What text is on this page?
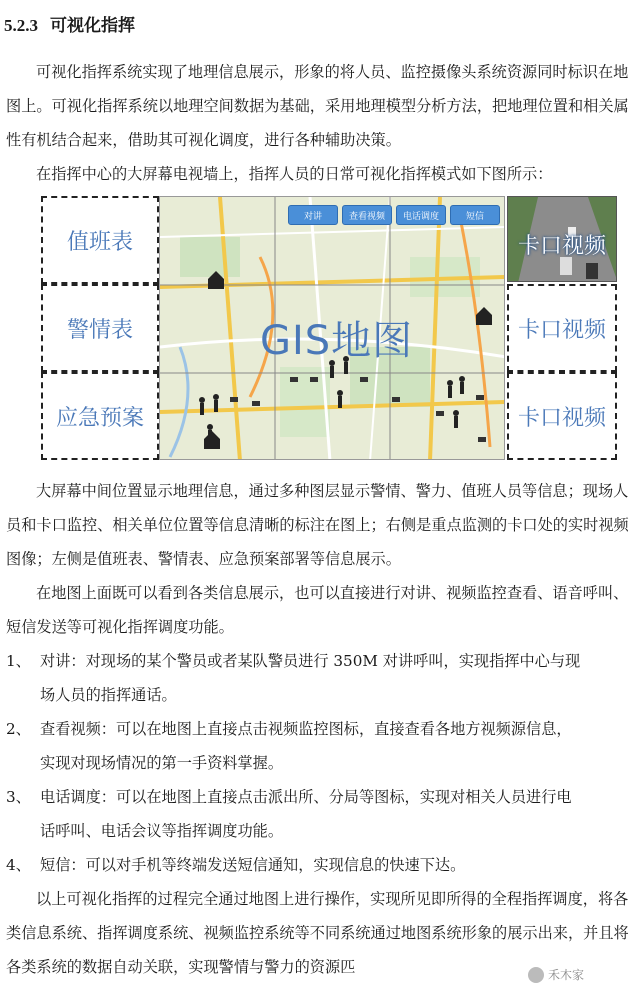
5.2.3 可视化指挥

可视化指挥系统实现了地理信息展示，形象的将人员、监控摄像头系统资源同时标识在地图上。可视化指挥系统以地理空间数据为基础，采用地理模型分析方法，把地理位置和相关属性有机结合起来，借助其可视化调度，进行各种辅助决策。

在指挥中心的大屏幕电视墙上，指挥人员的日常可视化指挥模式如下图所示：

值班表
警情表
应急预案
对讲	查看视频	电话调度	短信
GIS地图
卡口视频
卡口视频
卡口视频

大屏幕中间位置显示地理信息，通过多种图层显示警情、警力、值班人员等信息；现场人员和卡口监控、相关单位位置等信息清晰的标注在图上；右侧是重点监测的卡口处的实时视频图像；左侧是值班表、警情表、应急预案部署等信息展示。

在地图上面既可以看到各类信息展示，也可以直接进行对讲、视频监控查看、语音呼叫、短信发送等可视化指挥调度功能。

1、 对讲：对现场的某个警员或者某队警员进行 350M 对讲呼叫，实现指挥中心与现
场人员的指挥通话。
2、 查看视频：可以在地图上直接点击视频监控图标，直接查看各地方视频源信息，
实现对现场情况的第一手资料掌握。
3、 电话调度：可以在地图上直接点击派出所、分局等图标，实现对相关人员进行电
话呼叫、电话会议等指挥调度功能。
4、 短信：可以对手机等终端发送短信通知，实现信息的快速下达。

以上可视化指挥的过程完全通过地图上进行操作，实现所见即所得的全程指挥调度，将各类信息系统、指挥调度系统、视频监控系统等不同系统通过地图系统形象的展示出来，并且将各类系统的数据自动关联，实现警情与警力的资源匹	禾木家
